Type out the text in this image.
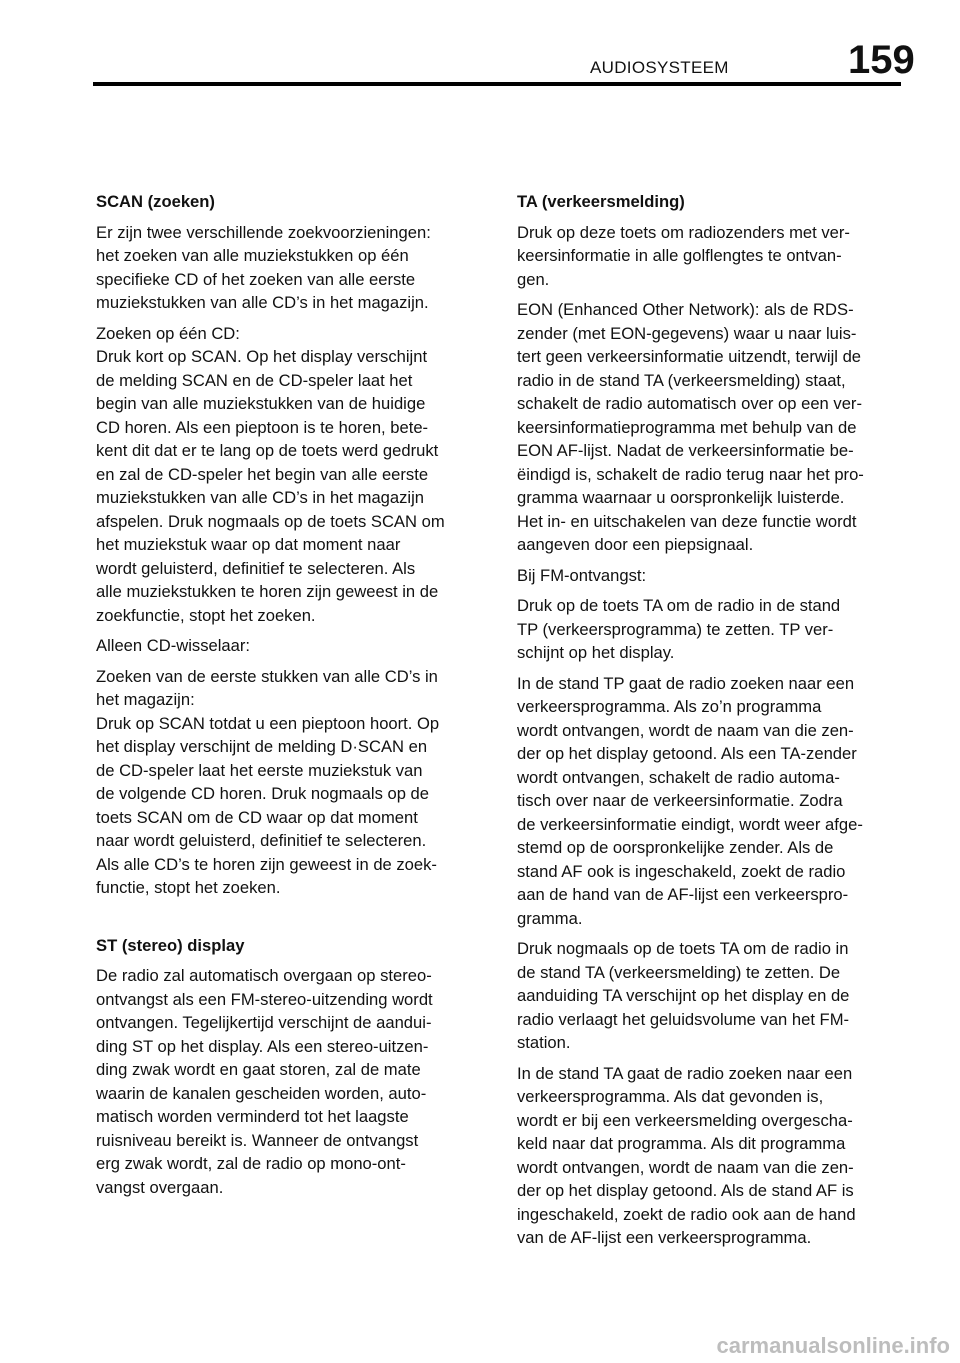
AUDIOSYSTEEM	159
SCAN (zoeken)

Er zijn twee verschillende zoekvoorzieningen:
het zoeken van alle muziekstukken op één
specifieke CD of het zoeken van alle eerste
muziekstukken van alle CD’s in het magazijn.

Zoeken op één CD:
Druk kort op SCAN. Op het display verschijnt
de melding SCAN en de CD-speler laat het
begin van alle muziekstukken van de huidige
CD horen. Als een pieptoon is te horen, bete-
kent dit dat er te lang op de toets werd gedrukt
en zal de CD-speler het begin van alle eerste
muziekstukken van alle CD’s in het magazijn
afspelen. Druk nogmaals op de toets SCAN om
het muziekstuk waar op dat moment naar
wordt geluisterd, definitief te selecteren. Als
alle muziekstukken te horen zijn geweest in de
zoekfunctie, stopt het zoeken.

Alleen CD-wisselaar:

Zoeken van de eerste stukken van alle CD’s in
het magazijn:
Druk op SCAN totdat u een pieptoon hoort. Op
het display verschijnt de melding D·SCAN en
de CD-speler laat het eerste muziekstuk van
de volgende CD horen. Druk nogmaals op de
toets SCAN om de CD waar op dat moment
naar wordt geluisterd, definitief te selecteren.
Als alle CD’s te horen zijn geweest in de zoek-
functie, stopt het zoeken.

ST (stereo) display

De radio zal automatisch overgaan op stereo-
ontvangst als een FM-stereo-uitzending wordt
ontvangen. Tegelijkertijd verschijnt de aandui-
ding ST op het display. Als een stereo-uitzen-
ding zwak wordt en gaat storen, zal de mate
waarin de kanalen gescheiden worden, auto-
matisch worden verminderd tot het laagste
ruisniveau bereikt is. Wanneer de ontvangst
erg zwak wordt, zal de radio op mono-ont-
vangst overgaan.

TA (verkeersmelding)

Druk op deze toets om radiozenders met ver-
keersinformatie in alle golflengtes te ontvan-
gen.

EON (Enhanced Other Network): als de RDS-
zender (met EON-gegevens) waar u naar luis-
tert geen verkeersinformatie uitzendt, terwijl de
radio in de stand TA (verkeersmelding) staat,
schakelt de radio automatisch over op een ver-
keersinformatieprogramma met behulp van de
EON AF-lijst. Nadat de verkeersinformatie be-
ëindigd is, schakelt de radio terug naar het pro-
gramma waarnaar u oorspronkelijk luisterde.
Het in- en uitschakelen van deze functie wordt
aangeven door een piepsignaal.

Bij FM-ontvangst:

Druk op de toets TA om de radio in de stand
TP (verkeersprogramma) te zetten. TP ver-
schijnt op het display.

In de stand TP gaat de radio zoeken naar een
verkeersprogramma. Als zo’n programma
wordt ontvangen, wordt de naam van die zen-
der op het display getoond. Als een TA-zender
wordt ontvangen, schakelt de radio automa-
tisch over naar de verkeersinformatie. Zodra
de verkeersinformatie eindigt, wordt weer afge-
stemd op de oorspronkelijke zender. Als de
stand AF ook is ingeschakeld, zoekt de radio
aan de hand van de AF-lijst een verkeerspro-
gramma.

Druk nogmaals op de toets TA om de radio in
de stand TA (verkeersmelding) te zetten. De
aanduiding TA verschijnt op het display en de
radio verlaagt het geluidsvolume van het FM-
station.

In de stand TA gaat de radio zoeken naar een
verkeersprogramma. Als dat gevonden is,
wordt er bij een verkeersmelding overgescha-
keld naar dat programma. Als dit programma
wordt ontvangen, wordt de naam van die zen-
der op het display getoond. Als de stand AF is
ingeschakeld, zoekt de radio ook aan de hand
van de AF-lijst een verkeersprogramma.

carmanualsonline.info
